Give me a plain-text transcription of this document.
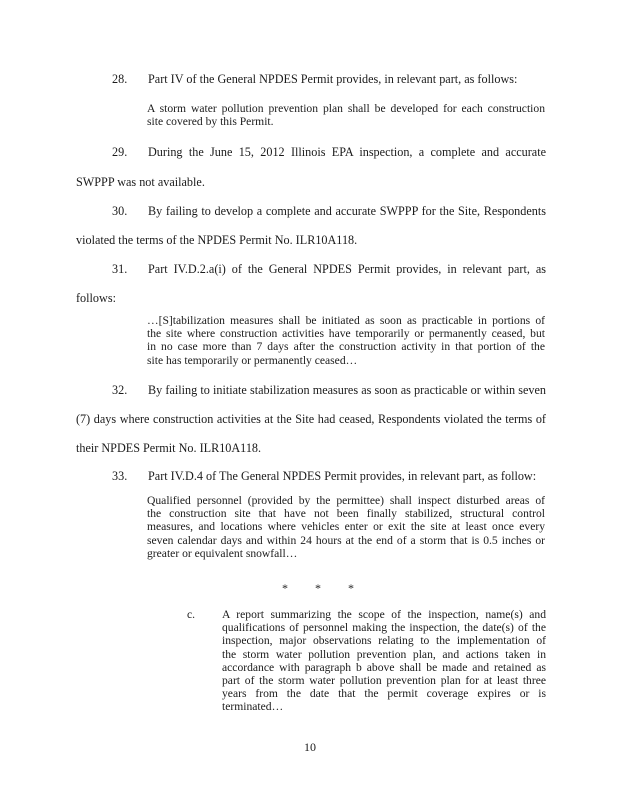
28. Part IV of the General NPDES Permit provides, in relevant part, as follows:
A storm water pollution prevention plan shall be developed for each construction
site covered by this Permit.
29. During the June 15, 2012 Illinois EPA inspection, a complete and accurate
SWPPP was not available.
30. By failing to develop a complete and accurate SWPPP for the Site, Respondents
violated the terms of the NPDES Permit No. ILR10A118.
31. Part IV.D.2.a(i) of the General NPDES Permit provides, in relevant part, as
follows:
…[S]tabilization measures shall be initiated as soon as practicable in portions of
the site where construction activities have temporarily or permanently ceased, but
in no case more than 7 days after the construction activity in that portion of the
site has temporarily or permanently ceased…
32. By failing to initiate stabilization measures as soon as practicable or within seven
(7) days where construction activities at the Site had ceased, Respondents violated the terms of
their NPDES Permit No. ILR10A118.
33. Part IV.D.4 of The General NPDES Permit provides, in relevant part, as follow:
Qualified personnel (provided by the permittee) shall inspect disturbed areas of
the construction site that have not been finally stabilized, structural control
measures, and locations where vehicles enter or exit the site at least once every
seven calendar days and within 24 hours at the end of a storm that is 0.5 inches or
greater or equivalent snowfall…
* * *
c. A report summarizing the scope of the inspection, name(s) and
qualifications of personnel making the inspection, the date(s) of the
inspection, major observations relating to the implementation of
the storm water pollution prevention plan, and actions taken in
accordance with paragraph b above shall be made and retained as
part of the storm water pollution prevention plan for at least three
years from the date that the permit coverage expires or is
terminated…
10
